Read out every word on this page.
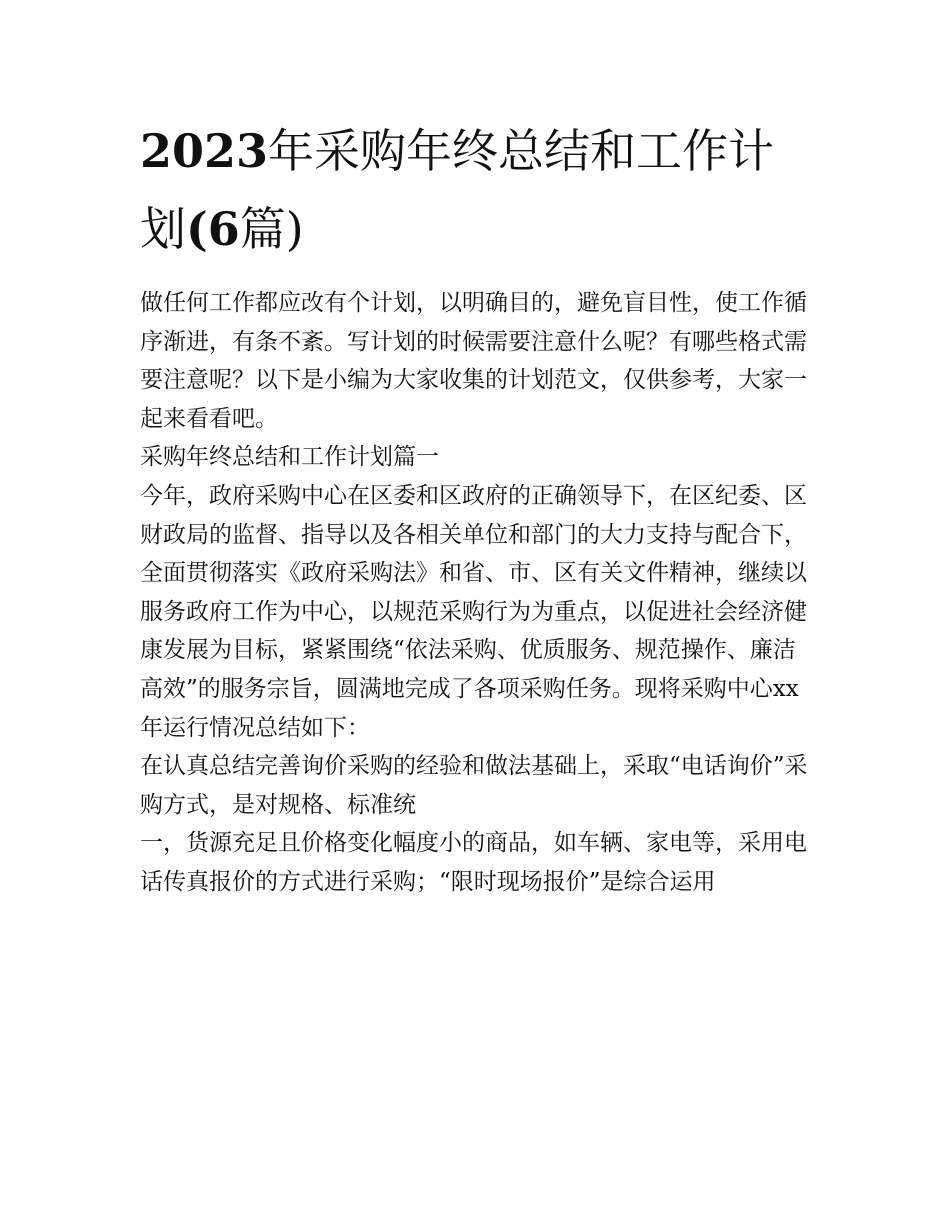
2023年采购年终总结和工作计
划(6篇)

做任何工作都应改有个计划，以明确目的，避免盲目性，使工作循序渐进，有条不紊。写计划的时候需要注意什么呢？有哪些格式需要注意呢？以下是小编为大家收集的计划范文，仅供参考，大家一起来看看吧。

采购年终总结和工作计划篇一

今年，政府采购中心在区委和区政府的正确领导下，在区纪委、区财政局的监督、指导以及各相关单位和部门的大力支持与配合下，全面贯彻落实《政府采购法》和省、市、区有关文件精神，继续以服务政府工作为中心，以规范采购行为为重点，以促进社会经济健康发展为目标，紧紧围绕“依法采购、优质服务、规范操作、廉洁高效”的服务宗旨，圆满地完成了各项采购任务。现将采购中心xx年运行情况总结如下：

在认真总结完善询价采购的经验和做法基础上，采取“电话询价”采购方式，是对规格、标准统

一，货源充足且价格变化幅度小的商品，如车辆、家电等，采用电话传真报价的方式进行采购；“限时现场报价”是综合运用
